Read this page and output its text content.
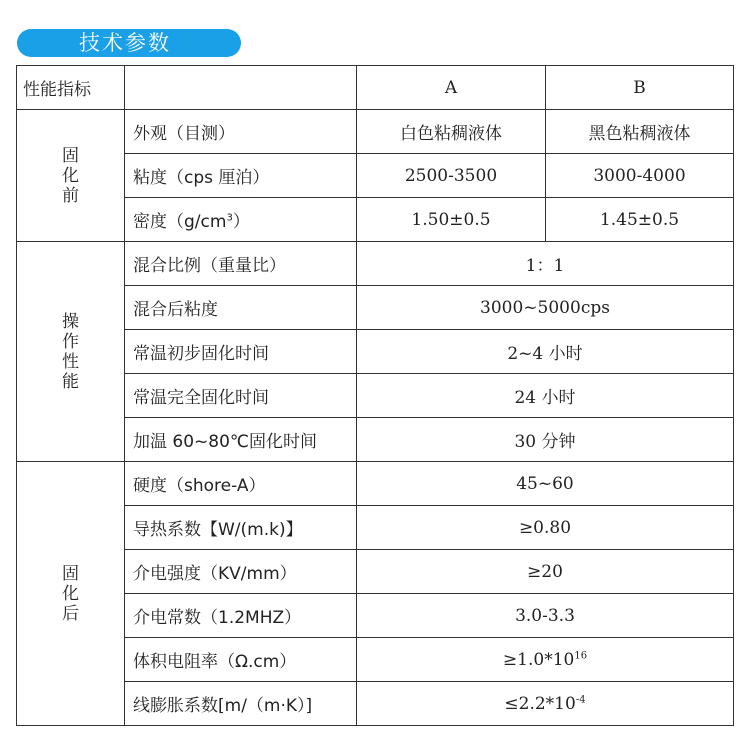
技术参数
性能指标		A	B
固化前	外观（目测）	白色粘稠液体	黑色粘稠液体
	粘度（cps 厘泊）	2500-3500	3000-4000
	密度$(g/cm^3)$	1.50±0.5	1.45±0.5
操作性能	混合比例（重量比）	1：1	
	混合后粘度	3000~5000cps	
	常温初步固化时间	2~4 小时	
	常温完全固化时间	24 小时	
	加温 60~80℃固化时间	30 分钟	
固化后	硬度（shore-A）	45~60	
	导热系数【W/(m.k)】	≥0.80	
	介电强度（KV/mm）	≥20	
	介电常数（1.2MHZ）	3.0-3.3	
	体积电阻率（Ω.cm）	$\ge 1.0*10^{16}$
	线膨胀系数[m/（m·K）]	$\le 2.2*10^{-4}$
